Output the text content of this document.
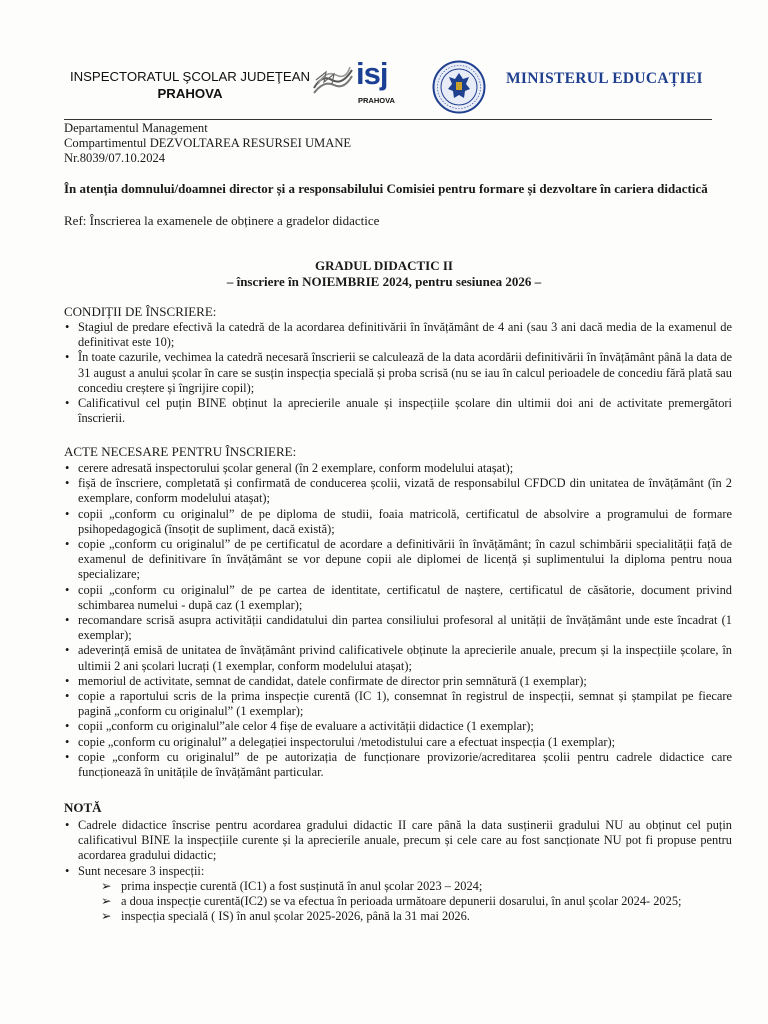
INSPECTORATUL ŞCOLAR JUDEŢEAN
PRAHOVA
isj
PRAHOVA
MINISTERUL EDUCAȚIEI
Departamentul Management
Compartimentul DEZVOLTAREA RESURSEI UMANE
Nr.8039/07.10.2024
În atenția domnului/doamnei director și a responsabilului Comisiei pentru formare și dezvoltare în cariera didactică
Ref: Înscrierea la examenele de obținere a gradelor didactice
GRADUL DIDACTIC II
– înscriere în NOIEMBRIE 2024, pentru sesiunea 2026 –
CONDIȚII DE ÎNSCRIERE:
• Stagiul de predare efectivă la catedră de la acordarea definitivării în învățământ de 4 ani (sau 3 ani dacă media de la examenul de definitivat este 10);
• În toate cazurile, vechimea la catedră necesară înscrierii se calculează de la data acordării definitivării în învățământ până la data de 31 august a anului școlar în care se susțin inspecția specială și proba scrisă (nu se iau în calcul perioadele de concediu fără plată sau concediu creștere și îngrijire copil);
• Calificativul cel puțin BINE obținut la aprecierile anuale și inspecțiile școlare din ultimii doi ani de activitate premergători înscrierii.
ACTE NECESARE PENTRU ÎNSCRIERE:
• cerere adresată inspectorului școlar general (în 2 exemplare, conform modelului atașat);
• fișă de înscriere, completată și confirmată de conducerea școlii, vizată de responsabilul CFDCD din unitatea de învățământ (în 2 exemplare, conform modelului atașat);
• copii „conform cu originalul” de pe diploma de studii, foaia matricolă, certificatul de absolvire a programului de formare psihopedagogică (însoțit de supliment, dacă există);
• copie „conform cu originalul” de pe certificatul de acordare a definitivării în învățământ; în cazul schimbării specialității față de examenul de definitivare în învățământ se vor depune copii ale diplomei de licență și suplimentului la diploma pentru noua specializare;
• copii „conform cu originalul” de pe cartea de identitate, certificatul de naștere, certificatul de căsătorie, document privind schimbarea numelui - după caz (1 exemplar);
• recomandare scrisă asupra activității candidatului din partea consiliului profesoral al unității de învățământ unde este încadrat (1 exemplar);
• adeverință emisă de unitatea de învățământ privind calificativele obținute la aprecierile anuale, precum și la inspecțiile școlare, în ultimii 2 ani școlari lucrați (1 exemplar, conform modelului atașat);
• memoriul de activitate, semnat de candidat, datele confirmate de director prin semnătură (1 exemplar);
• copie a raportului scris de la prima inspecție curentă (IC 1), consemnat în registrul de inspecții, semnat și ștampilat pe fiecare pagină „conform cu originalul” (1 exemplar);
• copii „conform cu originalul”ale celor 4 fișe de evaluare a activității didactice (1 exemplar);
• copie „conform cu originalul” a delegației inspectorului /metodistului care a efectuat inspecția (1 exemplar);
• copie „conform cu originalul” de pe autorizația de funcționare provizorie/acreditarea școlii pentru cadrele didactice care funcționează în unitățile de învățământ particular.
NOTĂ
• Cadrele didactice înscrise pentru acordarea gradului didactic II care până la data susținerii gradului NU au obținut cel puțin calificativul BINE la inspecțiile curente și la aprecierile anuale, precum și cele care au fost sancționate NU pot fi propuse pentru acordarea gradului didactic;
• Sunt necesare 3 inspecții:
➢ prima inspecție curentă (IC1) a fost susținută în anul școlar 2023 – 2024;
➢ a doua inspecție curentă(IC2) se va efectua în perioada următoare depunerii dosarului, în anul școlar 2024- 2025;
➢ inspecția specială ( IS) în anul școlar 2025-2026, până la 31 mai 2026.
